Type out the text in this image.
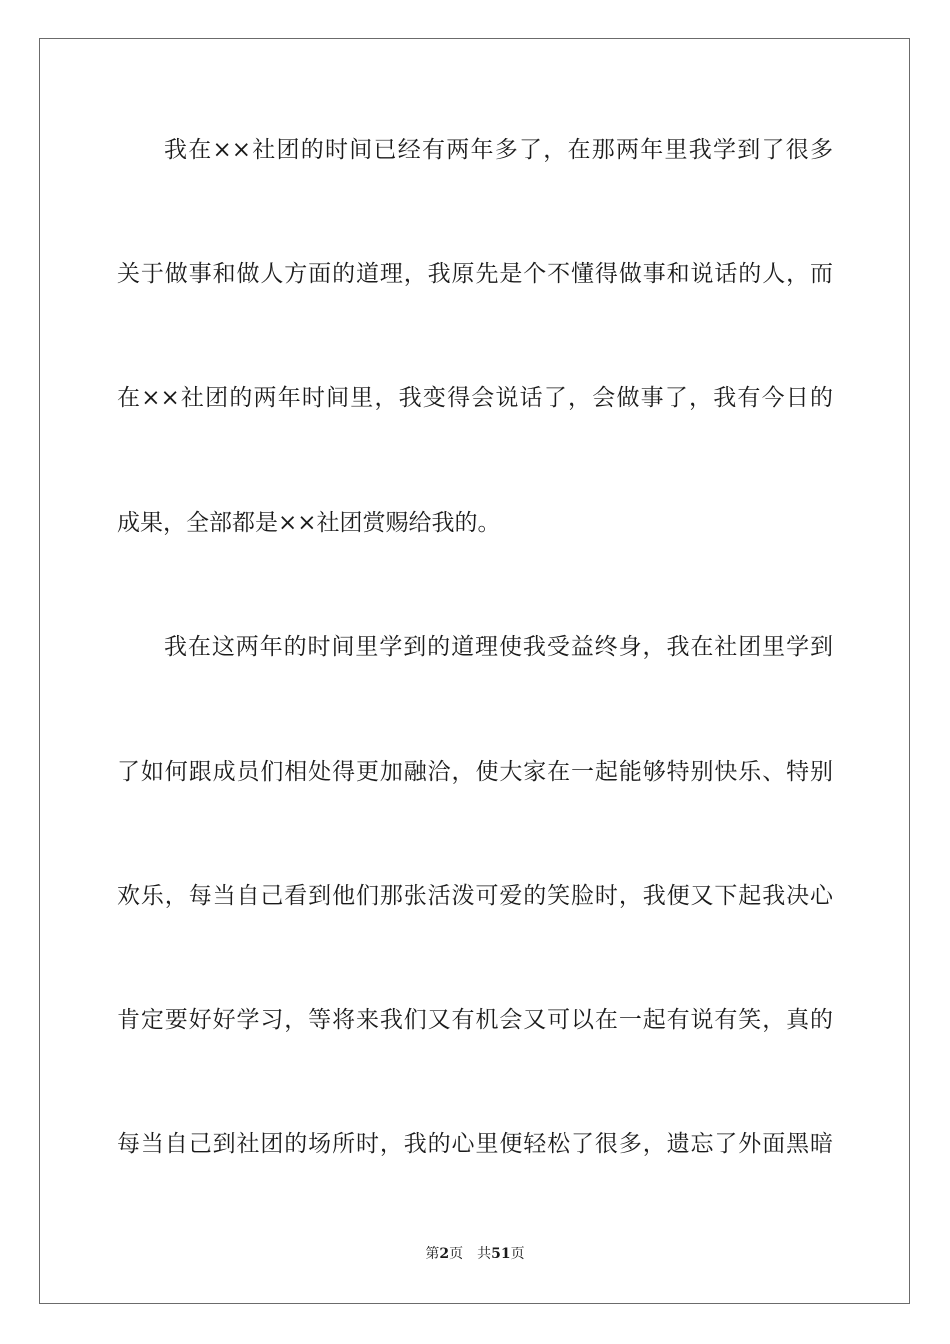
我在××社团的时间已经有两年多了，在那两年里我学到了很多
关于做事和做人方面的道理，我原先是个不懂得做事和说话的人，而
在××社团的两年时间里，我变得会说话了，会做事了，我有今日的
成果，全部都是××社团赏赐给我的。
我在这两年的时间里学到的道理使我受益终身，我在社团里学到
了如何跟成员们相处得更加融洽，使大家在一起能够特别快乐、特别
欢乐，每当自己看到他们那张活泼可爱的笑脸时，我便又下起我决心
肯定要好好学习，等将来我们又有机会又可以在一起有说有笑，真的
每当自己到社团的场所时，我的心里便轻松了很多，遗忘了外面黑暗
第2页 共51页
